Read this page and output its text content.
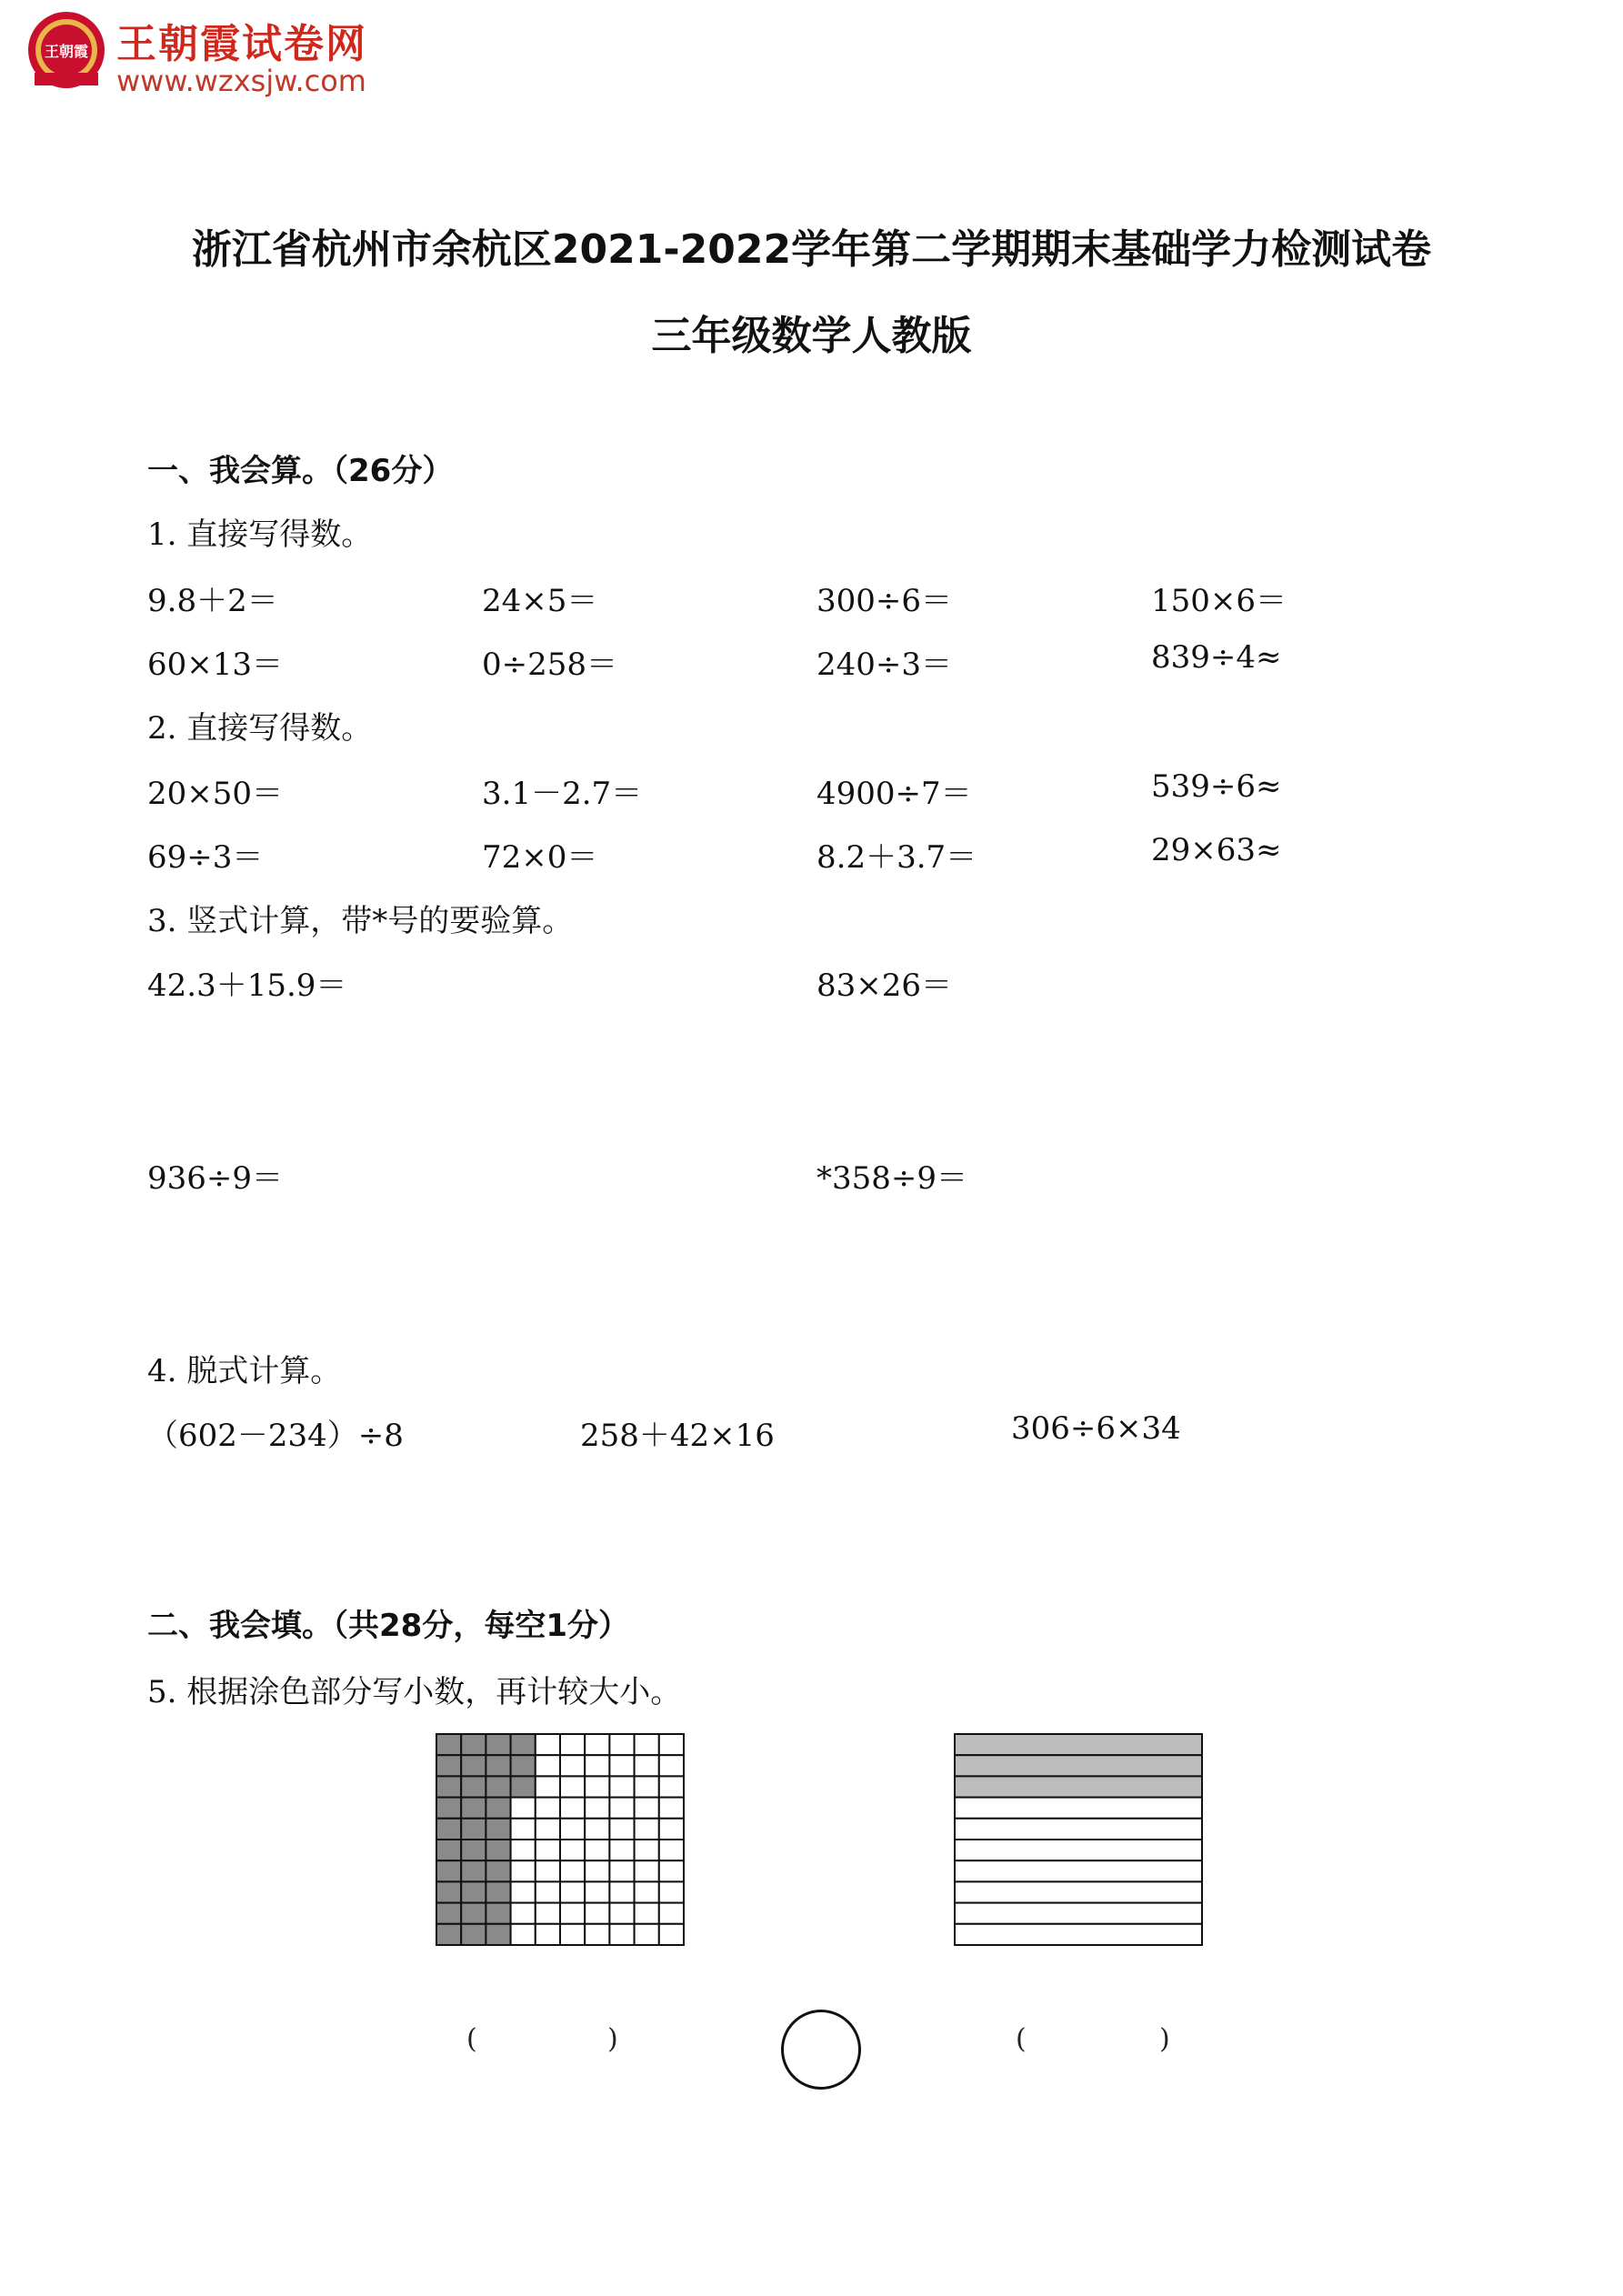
王朝霞 王朝霞试卷网
www.wzxsjw.com
浙江省杭州市余杭区2021-2022学年第二学期期末基础学力检测试卷
三年级数学人教版
一、我会算。（26分）
1. 直接写得数。
9.8＋2＝	24×5＝	300÷6＝	150×6＝
60×13＝	0÷258＝	240÷3＝	839÷4≈
2. 直接写得数。
20×50＝	3.1－2.7＝	4900÷7＝	539÷6≈
69÷3＝	72×0＝	8.2＋3.7＝	29×63≈
3. 竖式计算，带*号的要验算。
42.3＋15.9＝	83×26＝
936÷9＝	*358÷9＝
4. 脱式计算。
（602－234）÷8	258＋42×16	306÷6×34
二、我会填。（共28分，每空1分）
5. 根据涂色部分写小数，再计较大小。
(	)	(	)
